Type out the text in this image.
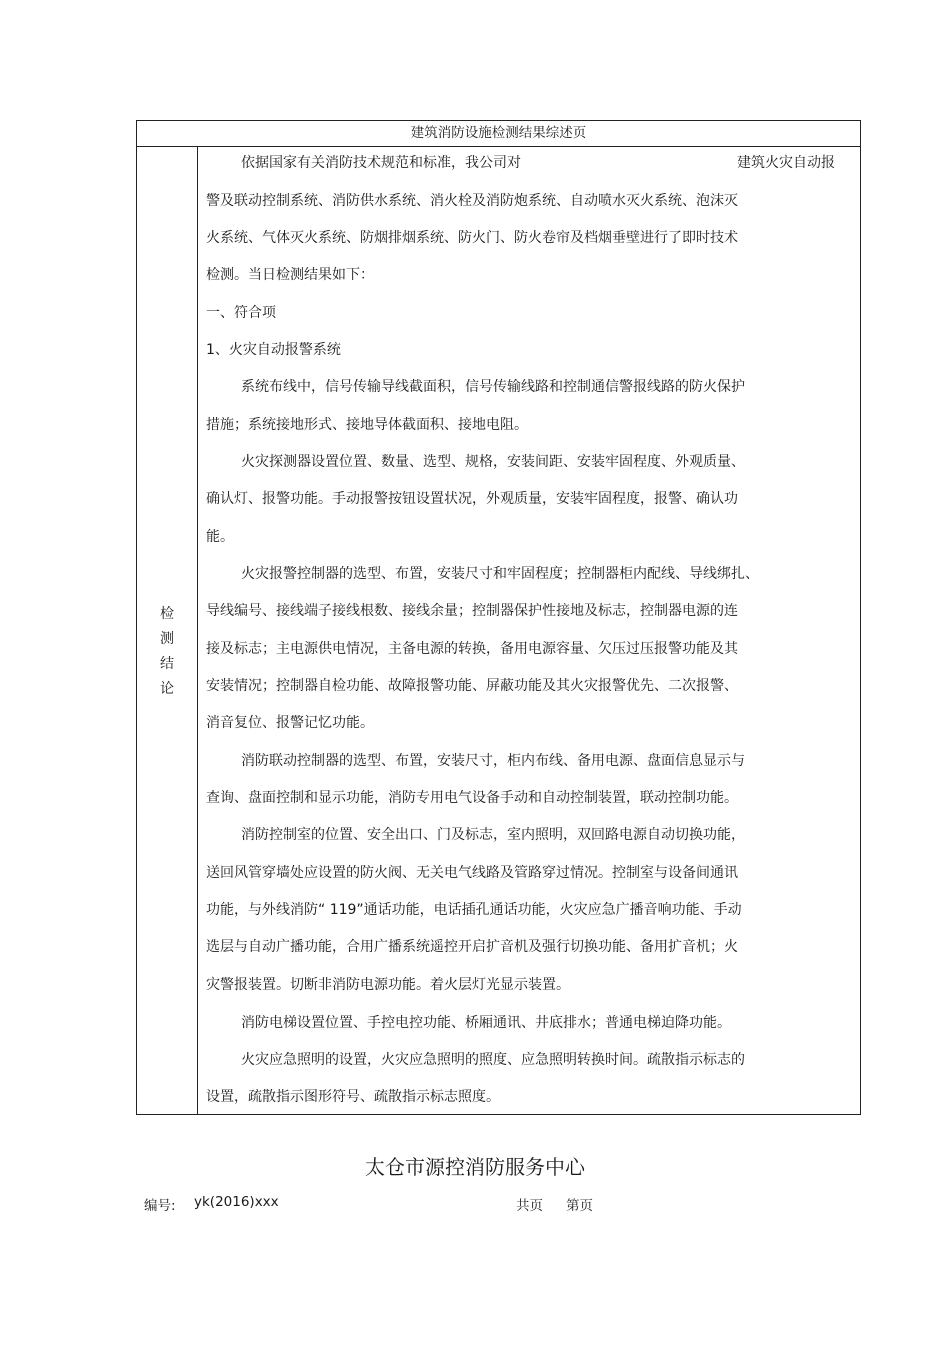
建筑消防设施检测结果综述页
检
测
结
论
依据国家有关消防技术规范和标准，我公司对	建筑火灾自动报
警及联动控制系统、消防供水系统、消火栓及消防炮系统、自动喷水灭火系统、泡沫灭
火系统、气体灭火系统、防烟排烟系统、防火门、防火卷帘及档烟垂壁进行了即时技术
检测。当日检测结果如下：
一、符合项
1、火灾自动报警系统
系统布线中，信号传输导线截面积，信号传输线路和控制通信警报线路的防火保护
措施；系统接地形式、接地导体截面积、接地电阻。
火灾探测器设置位置、数量、选型、规格，安装间距、安装牢固程度、外观质量、
确认灯、报警功能。手动报警按钮设置状况，外观质量，安装牢固程度，报警、确认功
能。
火灾报警控制器的选型、布置，安装尺寸和牢固程度；控制器柜内配线、导线绑扎、
导线编号、接线端子接线根数、接线余量；控制器保护性接地及标志，控制器电源的连
接及标志；主电源供电情况，主备电源的转换，备用电源容量、欠压过压报警功能及其
安装情况；控制器自检功能、故障报警功能、屏蔽功能及其火灾报警优先、二次报警、
消音复位、报警记忆功能。
消防联动控制器的选型、布置，安装尺寸，柜内布线、备用电源、盘面信息显示与
查询、盘面控制和显示功能，消防专用电气设备手动和自动控制装置，联动控制功能。
消防控制室的位置、安全出口、门及标志，室内照明，双回路电源自动切换功能，
送回风管穿墙处应设置的防火阀、无关电气线路及管路穿过情况。控制室与设备间通讯
功能，与外线消防“ 119”通话功能，电话插孔通话功能，火灾应急广播音响功能、手动
选层与自动广播功能，合用广播系统遥控开启扩音机及强行切换功能、备用扩音机；火
灾警报装置。切断非消防电源功能。着火层灯光显示装置。
消防电梯设置位置、手控电控功能、桥厢通讯、井底排水；普通电梯迫降功能。
火灾应急照明的设置，火灾应急照明的照度、应急照明转换时间。疏散指示标志的
设置，疏散指示图形符号、疏散指示标志照度。
太仓市源控消防服务中心
编号: yk(2016)xxx	共页 第页
